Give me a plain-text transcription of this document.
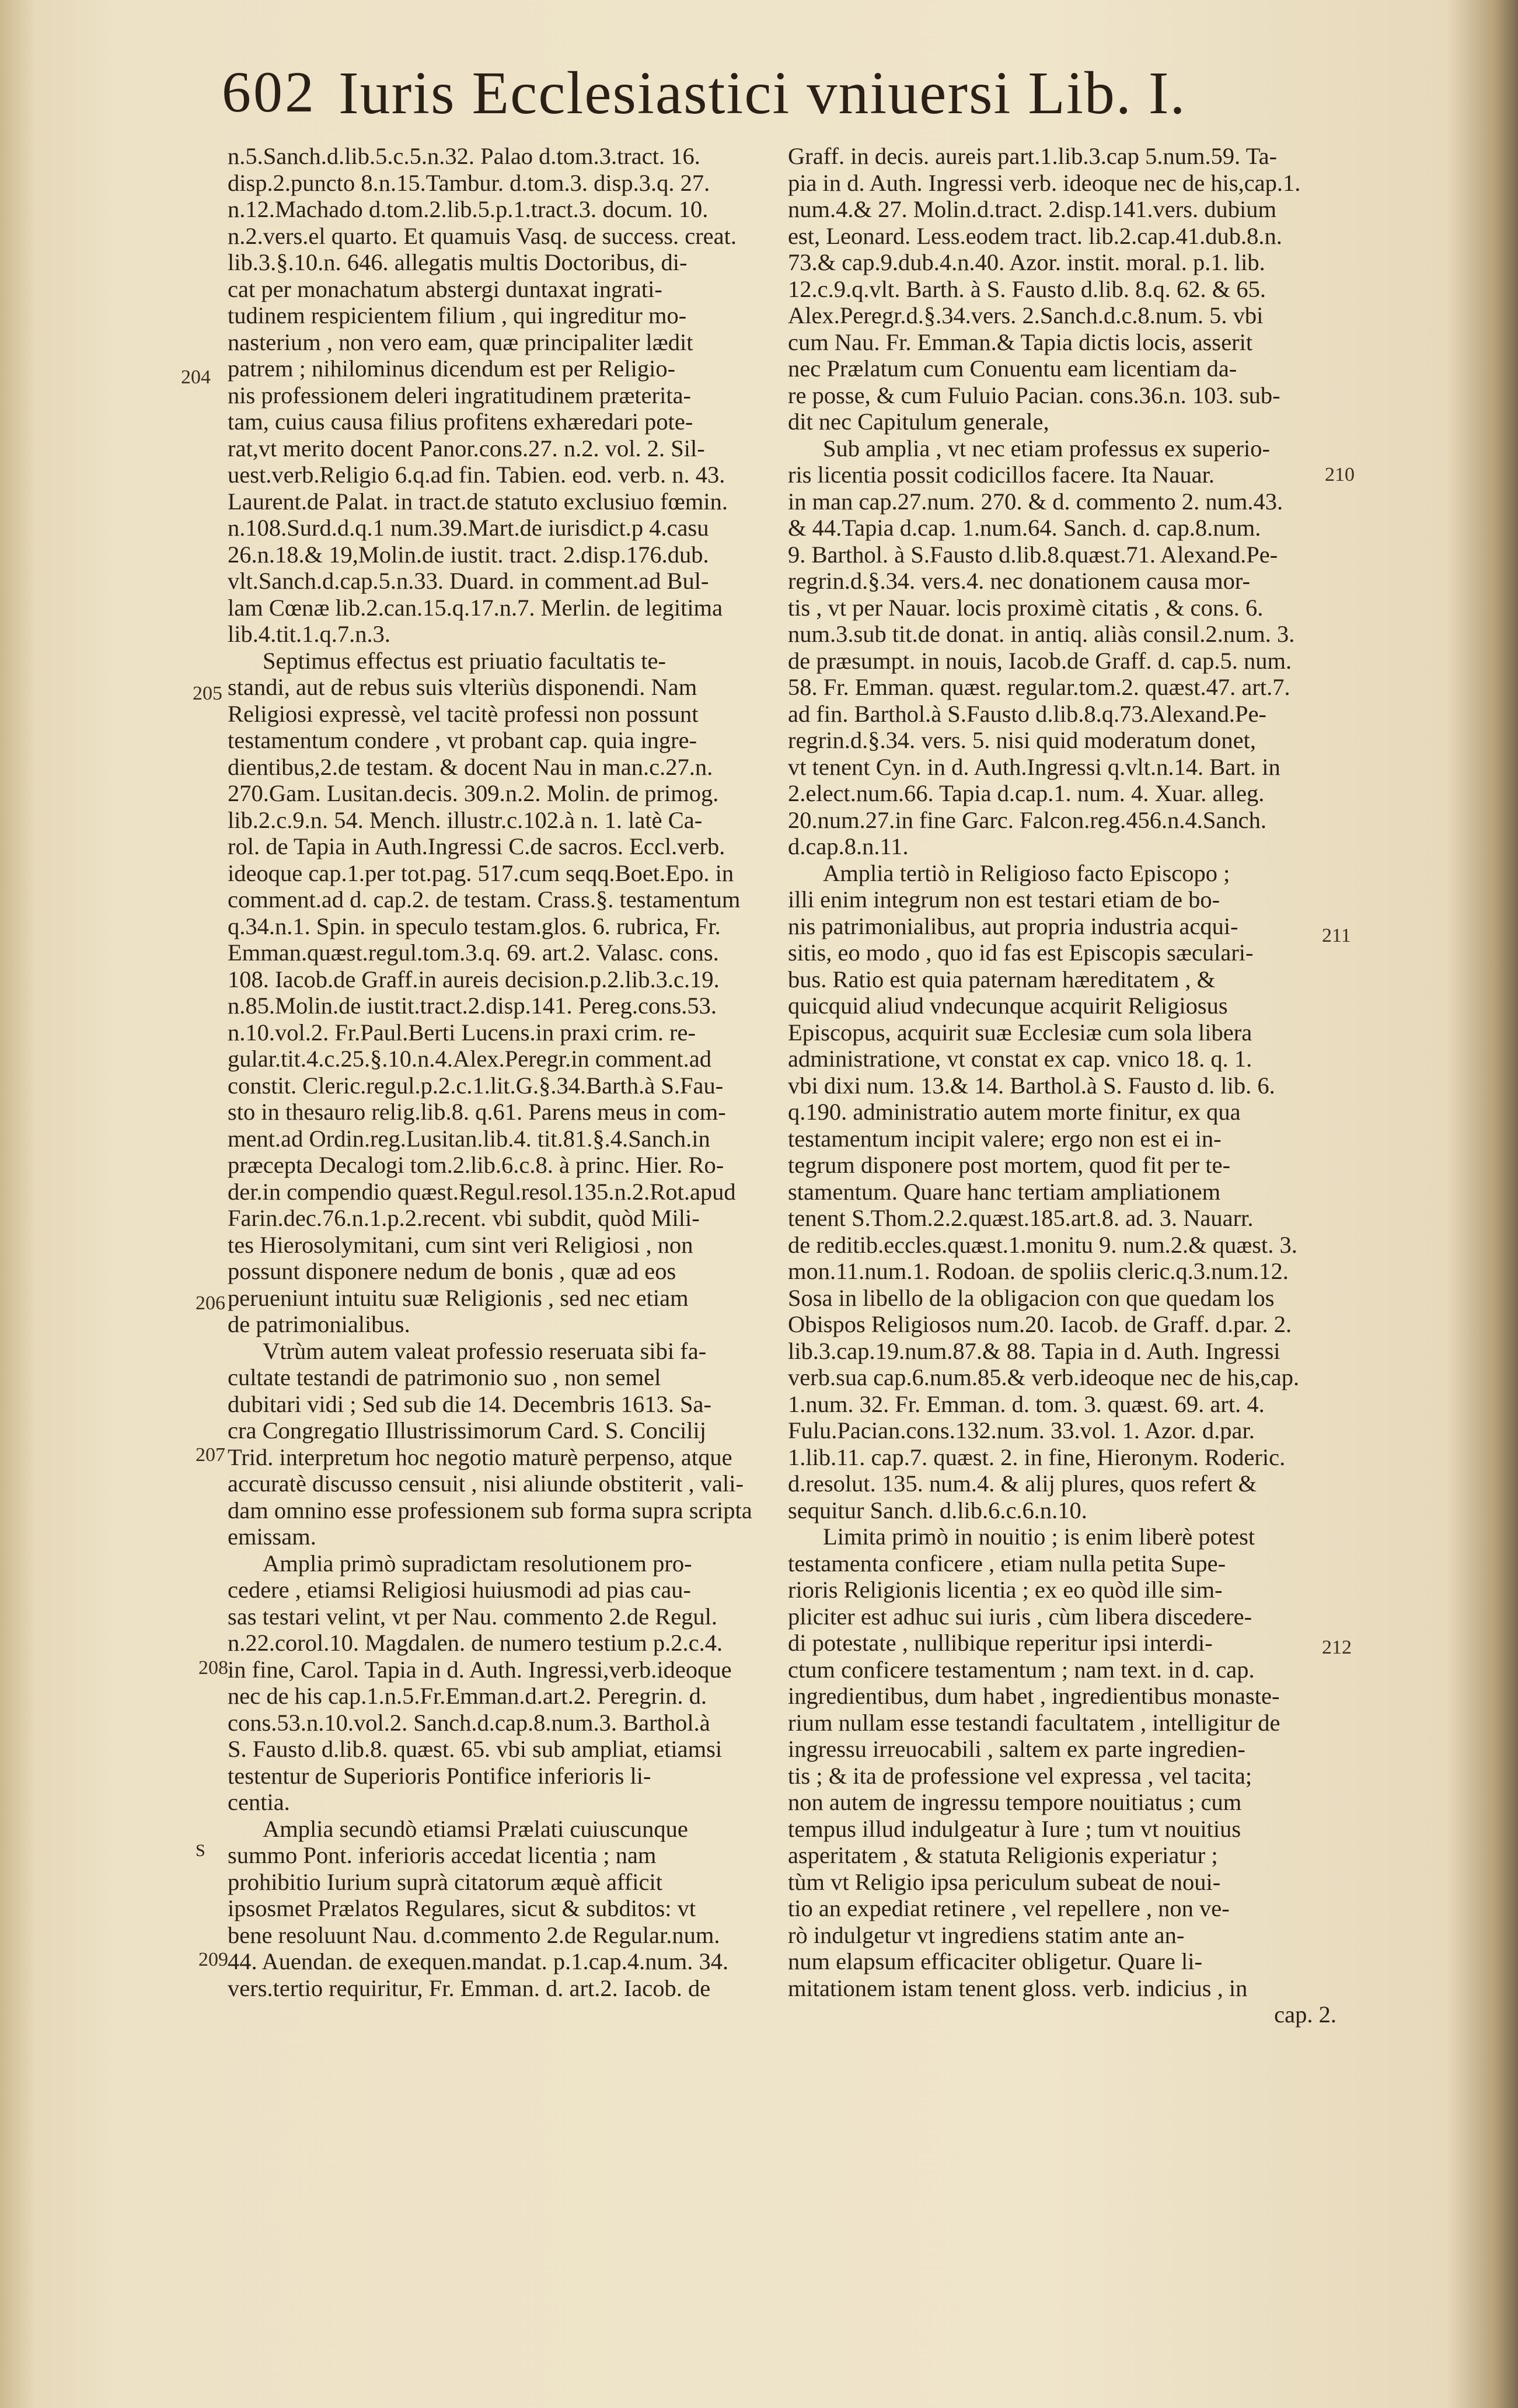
602 Iuris Ecclesiastici vniuersi Lib. I.
n.5.Sanch.d.lib.5.c.5.n.32. Palao d.tom.3.tract. 16.
disp.2.puncto 8.n.15.Tambur. d.tom.3. disp.3.q. 27.
n.12.Machado d.tom.2.lib.5.p.1.tract.3. docum. 10.
n.2.vers.el quarto. Et quamuis Vasq. de success. creat.
lib.3.§.10.n. 646. allegatis multis Doctoribus, di-
cat per monachatum abstergi duntaxat ingrati-
tudinem respicientem filium , qui ingreditur mo-
nasterium , non vero eam, quæ principaliter lædit
patrem ; nihilominus dicendum est per Religio-
nis professionem deleri ingratitudinem prӕterita-
tam, cuius causa filius profitens exhæredari pote-
rat,vt merito docent Panor.cons.27. n.2. vol. 2. Sil-
uest.verb.Religio 6.q.ad fin. Tabien. eod. verb. n. 43.
Laurent.de Palat. in tract.de statuto exclusiuo fœmin.
n.108.Surd.d.q.1 num.39.Mart.de iurisdict.p 4.casu
26.n.18.& 19,Molin.de iustit. tract. 2.disp.176.dub.
vlt.Sanch.d.cap.5.n.33. Duard. in comment.ad Bul-
lam Cœnæ lib.2.can.15.q.17.n.7. Merlin. de legitima
lib.4.tit.1.q.7.n.3.
Septimus effectus est priuatio facultatis te-
standi, aut de rebus suis vlteriùs disponendi. Nam
Religiosi expressè, vel tacitè professi non possunt
testamentum condere , vt probant cap. quia ingre-
dientibus,2.de testam. & docent Nau in man.c.27.n.
270.Gam. Lusitan.decis. 309.n.2. Molin. de primog.
lib.2.c.9.n. 54. Mench. illustr.c.102.à n. 1. latè Ca-
rol. de Tapia in Auth.Ingressi C.de sacros. Eccl.verb.
ideoque cap.1.per tot.pag. 517.cum seqq.Boet.Epo. in
comment.ad d. cap.2. de testam. Crass.§. testamentum
q.34.n.1. Spin. in speculo testam.glos. 6. rubrica, Fr.
Emman.quæst.regul.tom.3.q. 69. art.2. Valasc. cons.
108. Iacob.de Graff.in aureis decision.p.2.lib.3.c.19.
n.85.Molin.de iustit.tract.2.disp.141. Pereg.cons.53.
n.10.vol.2. Fr.Paul.Berti Lucens.in praxi crim. re-
gular.tit.4.c.25.§.10.n.4.Alex.Peregr.in comment.ad
constit. Cleric.regul.p.2.c.1.lit.G.§.34.Barth.à S.Fau-
sto in thesauro relig.lib.8. q.61. Parens meus in com-
ment.ad Ordin.reg.Lusitan.lib.4. tit.81.§.4.Sanch.in
præcepta Decalogi tom.2.lib.6.c.8. à princ. Hier. Ro-
der.in compendio quæst.Regul.resol.135.n.2.Rot.apud
Farin.dec.76.n.1.p.2.recent. vbi subdit, quòd Mili-
tes Hierosolymitani, cum sint veri Religiosi , non
possunt disponere nedum de bonis , quæ ad eos
perueniunt intuitu suæ Religionis , sed nec etiam
de patrimonialibus.
Vtrùm autem valeat professio reseruata sibi fa-
cultate testandi de patrimonio suo , non semel
dubitari vidi ; Sed sub die 14. Decembris 1613. Sa-
cra Congregatio Illustrissimorum Card. S. Concilij
Trid. interpretum hoc negotio maturè perpenso, atque
accuratè discusso censuit , nisi aliunde obstiterit , vali-
dam omnino esse professionem sub forma supra scripta
emissam.
Amplia primò supradictam resolutionem pro-
cedere , etiamsi Religiosi huiusmodi ad pias cau-
sas testari velint, vt per Nau. commento 2.de Regul.
n.22.corol.10. Magdalen. de numero testium p.2.c.4.
in fine, Carol. Tapia in d. Auth. Ingressi,verb.ideoque
nec de his cap.1.n.5.Fr.Emman.d.art.2. Peregrin. d.
cons.53.n.10.vol.2. Sanch.d.cap.8.num.3. Barthol.à
S. Fausto d.lib.8. quæst. 65. vbi sub ampliat, etiamsi
testentur de Superioris Pontifice inferioris li-
centia.
Amplia secundò etiamsi Prælati cuiuscunque
summo Pont. inferioris accedat licentia ; nam
prohibitio Iurium suprà citatorum æquè afficit
ipsosmet Prælatos Regulares, sicut & subditos: vt
bene resoluunt Nau. d.commento 2.de Regular.num.
44. Auendan. de exequen.mandat. p.1.cap.4.num. 34.
vers.tertio requiritur, Fr. Emman. d. art.2. Iacob. de
Graff. in decis. aureis part.1.lib.3.cap 5.num.59. Ta-
pia in d. Auth. Ingressi verb. ideoque nec de his,cap.1.
num.4.& 27. Molin.d.tract. 2.disp.141.vers. dubium
est, Leonard. Less.eodem tract. lib.2.cap.41.dub.8.n.
73.& cap.9.dub.4.n.40. Azor. instit. moral. p.1. lib.
12.c.9.q.vlt. Barth. à S. Fausto d.lib. 8.q. 62. & 65.
Alex.Peregr.d.§.34.vers. 2.Sanch.d.c.8.num. 5. vbi
cum Nau. Fr. Emman.& Tapia dictis locis, asserit
nec Prælatum cum Conuentu eam licentiam da-
re posse, & cum Fuluio Pacian. cons.36.n. 103. sub-
dit nec Capitulum generale,
Sub amplia , vt nec etiam professus ex superio-
ris licentia possit codicillos facere. Ita Nauar.
in man cap.27.num. 270. & d. commento 2. num.43.
& 44.Tapia d.cap. 1.num.64. Sanch. d. cap.8.num.
9. Barthol. à S.Fausto d.lib.8.quæst.71. Alexand.Pe-
regrin.d.§.34. vers.4. nec donationem causa mor-
tis , vt per Nauar. locis proximè citatis , & cons. 6.
num.3.sub tit.de donat. in antiq. aliàs consil.2.num. 3.
de præsumpt. in nouis, Iacob.de Graff. d. cap.5. num.
58. Fr. Emman. quæst. regular.tom.2. quæst.47. art.7.
ad fin. Barthol.à S.Fausto d.lib.8.q.73.Alexand.Pe-
regrin.d.§.34. vers. 5. nisi quid moderatum donet,
vt tenent Cyn. in d. Auth.Ingressi q.vlt.n.14. Bart. in
2.elect.num.66. Tapia d.cap.1. num. 4. Xuar. alleg.
20.num.27.in fine Garc. Falcon.reg.456.n.4.Sanch.
d.cap.8.n.11.
Amplia tertiò in Religioso facto Episcopo ;
illi enim integrum non est testari etiam de bo-
nis patrimonialibus, aut propria industria acqui-
sitis, eo modo , quo id fas est Episcopis sæculari-
bus. Ratio est quia paternam hæreditatem , &
quicquid aliud vndecunque acquirit Religiosus
Episcopus, acquirit suæ Ecclesiæ cum sola libera
administratione, vt constat ex cap. vnico 18. q. 1.
vbi dixi num. 13.& 14. Barthol.à S. Fausto d. lib. 6.
q.190. administratio autem morte finitur, ex qua
testamentum incipit valere; ergo non est ei in-
tegrum disponere post mortem, quod fit per te-
stamentum. Quare hanc tertiam ampliationem
tenent S.Thom.2.2.quæst.185.art.8. ad. 3. Nauarr.
de reditib.eccles.quæst.1.monitu 9. num.2.& quæst. 3.
mon.11.num.1. Rodoan. de spoliis cleric.q.3.num.12.
Sosa in libello de la obligacion con que quedam los
Obispos Religiosos num.20. Iacob. de Graff. d.par. 2.
lib.3.cap.19.num.87.& 88. Tapia in d. Auth. Ingressi
verb.sua cap.6.num.85.& verb.ideoque nec de his,cap.
1.num. 32. Fr. Emman. d. tom. 3. quæst. 69. art. 4.
Fulu.Pacian.cons.132.num. 33.vol. 1. Azor. d.par.
1.lib.11. cap.7. quæst. 2. in fine, Hieronym. Roderic.
d.resolut. 135. num.4. & alij plures, quos refert &
sequitur Sanch. d.lib.6.c.6.n.10.
Limita primò in nouitio ; is enim liberè potest
testamenta conficere , etiam nulla petita Supe-
rioris Religionis licentia ; ex eo quòd ille sim-
pliciter est adhuc sui iuris , cùm libera discedere-
di potestate , nullibique reperitur ipsi interdi-
ctum conficere testamentum ; nam text. in d. cap.
ingredientibus, dum habet , ingredientibus monaste-
rium nullam esse testandi facultatem , intelligitur de
ingressu irreuocabili , saltem ex parte ingredien-
tis ; & ita de professione vel expressa , vel tacita;
non autem de ingressu tempore nouitiatus ; cum
tempus illud indulgeatur à Iure ; tum vt nouitius
asperitatem , & statuta Religionis experiatur ;
tùm vt Religio ipsa periculum subeat de noui-
tio an expediat retinere , vel repellere , non ve-
rò indulgetur vt ingrediens statim ante an-
num elapsum efficaciter obligetur. Quare li-
mitationem istam tenent gloss. verb. indicius , in
cap. 2.
204
205
206
207
208
209
210
211
212
S
